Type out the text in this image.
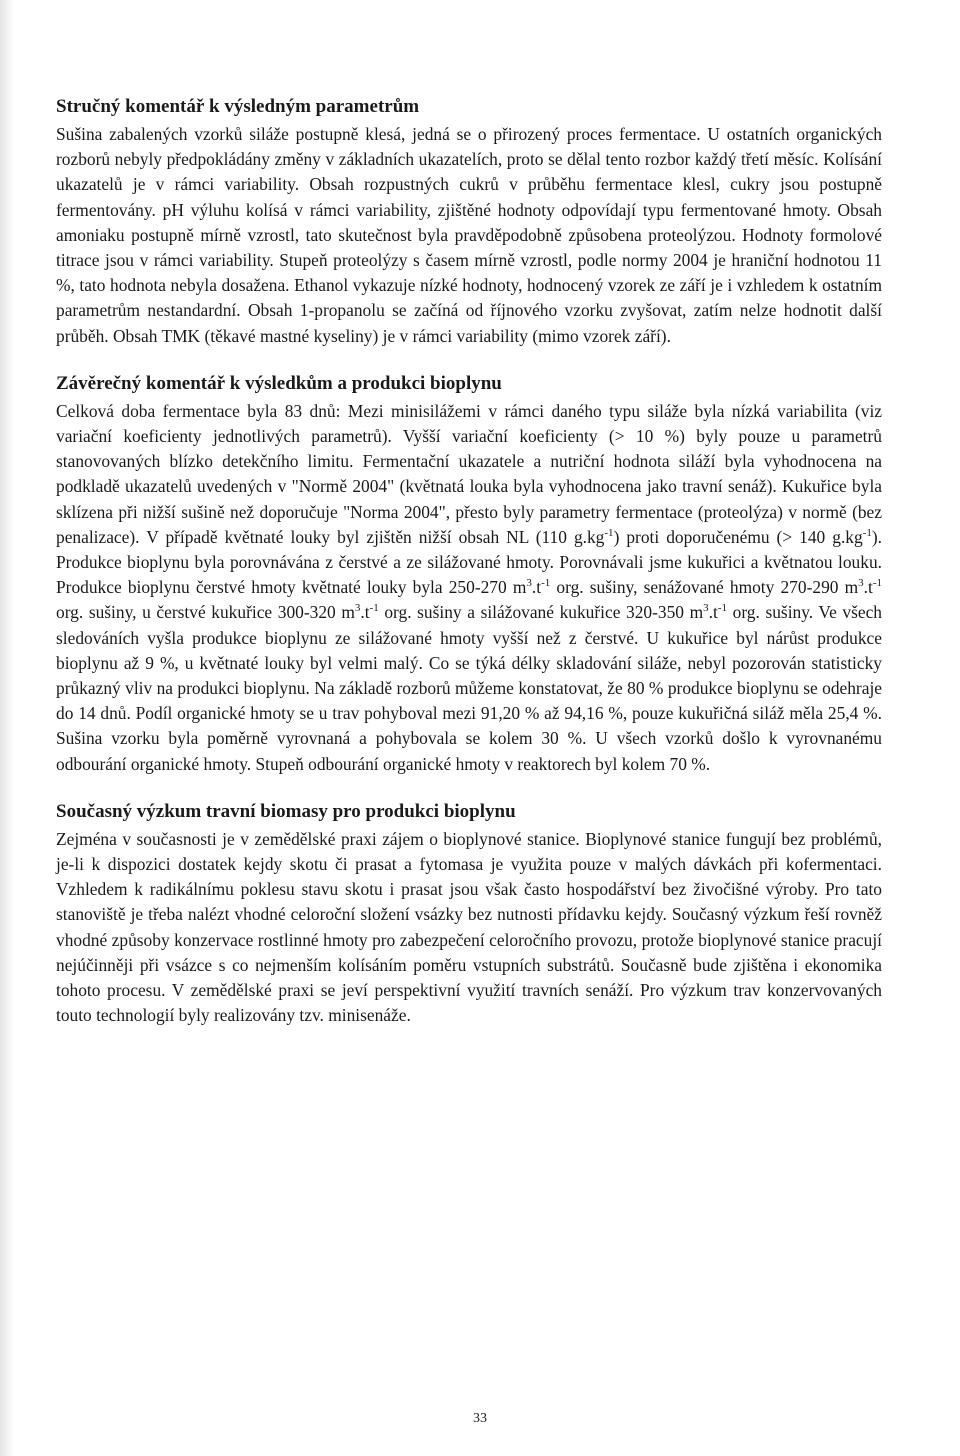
Stručný komentář k výsledným parametrům

Sušina zabalených vzorků siláže postupně klesá, jedná se o přirozený proces fermentace. U ostatních organických rozborů nebyly předpokládány změny v základních ukazatelích, proto se dělal tento rozbor každý třetí měsíc. Kolísání ukazatelů je v rámci variability. Obsah rozpustných cukrů v průběhu fermentace klesl, cukry jsou postupně fermentovány. pH výluhu kolísá v rámci variability, zjištěné hodnoty odpovídají typu fermentované hmoty. Obsah amoniaku postupně mírně vzrostl, tato skutečnost byla pravděpodobně způsobena proteolýzou. Hodnoty formolové titrace jsou v rámci variability. Stupeň proteolýzy s časem mírně vzrostl, podle normy 2004 je hraniční hodnotou 11 %, tato hodnota nebyla dosažena. Ethanol vykazuje nízké hodnoty, hodnocený vzorek ze září je i vzhledem k ostatním parametrům nestandardní. Obsah 1-propanolu se začíná od říjnového vzorku zvyšovat, zatím nelze hodnotit další průběh. Obsah TMK (těkavé mastné kyseliny) je v rámci variability (mimo vzorek září).

Závěrečný komentář k výsledkům a produkci bioplynu

Celková doba fermentace byla 83 dnů: Mezi minisilážemi v rámci daného typu siláže byla nízká variabilita (viz variační koeficienty jednotlivých parametrů). Vyšší variační koeficienty (> 10 %) byly pouze u parametrů stanovovaných blízko detekčního limitu. Fermentační ukazatele a nutriční hodnota siláží byla vyhodnocena na podkladě ukazatelů uvedených v "Normě 2004" (květnatá louka byla vyhodnocena jako travní senáž). Kukuřice byla sklízena při nižší sušině než doporučuje "Norma 2004", přesto byly parametry fermentace (proteolýza) v normě (bez penalizace). V případě květnaté louky byl zjištěn nižší obsah NL (110 $g.kg^{-1}$) proti doporučenému (> 140 $g.kg^{-1}$). Produkce bioplynu byla porovnávána z čerstvé a ze silážované hmoty. Porovnávali jsme kukuřici a květnatou louku. Produkce bioplynu čerstvé hmoty květnaté louky byla 250-270 $m^3.t^{-1}$ org. sušiny, senážované hmoty 270-290 $m^3.t^{-1}$ org. sušiny, u čerstvé kukuřice 300-320 $m^3.t^{-1}$ org. sušiny a silážované kukuřice 320-350 $m^3.t^{-1}$ org. sušiny. Ve všech sledováních vyšla produkce bioplynu ze silážované hmoty vyšší než z čerstvé. U kukuřice byl nárůst produkce bioplynu až 9 %, u květnaté louky byl velmi malý. Co se týká délky skladování siláže, nebyl pozorován statisticky průkazný vliv na produkci bioplynu. Na základě rozborů můžeme konstatovat, že 80 % produkce bioplynu se odehraje do 14 dnů. Podíl organické hmoty se u trav pohyboval mezi 91,20 % až 94,16 %, pouze kukuřičná siláž měla 25,4 %. Sušina vzorku byla poměrně vyrovnaná a pohybovala se kolem 30 %. U všech vzorků došlo k vyrovnanému odbourání organické hmoty. Stupeň odbourání organické hmoty v reaktorech byl kolem 70 %.

Současný výzkum travní biomasy pro produkci bioplynu

Zejména v současnosti je v zemědělské praxi zájem o bioplynové stanice. Bioplynové stanice fungují bez problémů, je-li k dispozici dostatek kejdy skotu či prasat a fytomasa je využita pouze v malých dávkách při kofermentaci. Vzhledem k radikálnímu poklesu stavu skotu i prasat jsou však často hospodářství bez živočišné výroby. Pro tato stanoviště je třeba nalézt vhodné celoroční složení vsázky bez nutnosti přídavku kejdy. Současný výzkum řeší rovněž vhodné způsoby konzervace rostlinné hmoty pro zabezpečení celoročního provozu, protože bioplynové stanice pracují nejúčinněji při vsázce s co nejmenším kolísáním poměru vstupních substrátů. Současně bude zjištěna i ekonomika tohoto procesu. V zemědělské praxi se jeví perspektivní využití travních senáží. Pro výzkum trav konzervovaných touto technologií byly realizovány tzv. minisenáže.

33
